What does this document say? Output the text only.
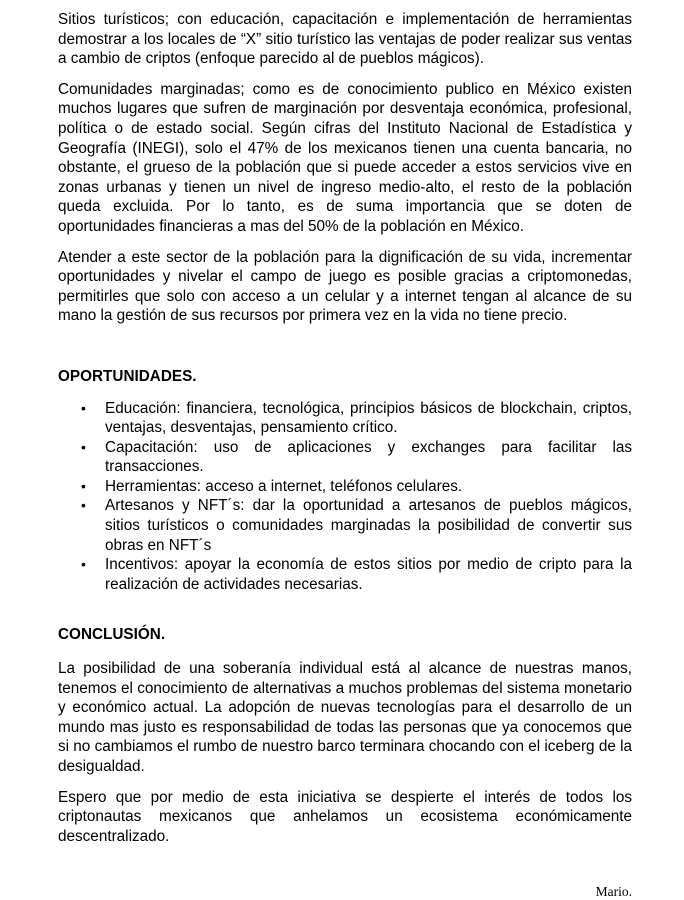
Sitios turísticos; con educación, capacitación e implementación de herramientas demostrar a los locales de “X” sitio turístico las ventajas de poder realizar sus ventas a cambio de criptos (enfoque parecido al de pueblos mágicos).

Comunidades marginadas; como es de conocimiento publico en México existen muchos lugares que sufren de marginación por desventaja económica, profesional, política o de estado social. Según cifras del Instituto Nacional de Estadística y Geografía (INEGI), solo el 47% de los mexicanos tienen una cuenta bancaria, no obstante, el grueso de la población que si puede acceder a estos servicios vive en zonas urbanas y tienen un nivel de ingreso medio-alto, el resto de la población queda excluida. Por lo tanto, es de suma importancia que se doten de oportunidades financieras a mas del 50% de la población en México.

Atender a este sector de la población para la dignificación de su vida, incrementar oportunidades y nivelar el campo de juego es posible gracias a criptomonedas, permitirles que solo con acceso a un celular y a internet tengan al alcance de su mano la gestión de sus recursos por primera vez en la vida no tiene precio.

OPORTUNIDADES.
• Educación: financiera, tecnológica, principios básicos de blockchain, criptos, ventajas, desventajas, pensamiento crítico.
• Capacitación: uso de aplicaciones y exchanges para facilitar las transacciones.
• Herramientas: acceso a internet, teléfonos celulares.
• Artesanos y NFT´s: dar la oportunidad a artesanos de pueblos mágicos, sitios turísticos o comunidades marginadas la posibilidad de convertir sus obras en NFT´s
• Incentivos: apoyar la economía de estos sitios por medio de cripto para la realización de actividades necesarias.
CONCLUSIÓN.

La posibilidad de una soberanía individual está al alcance de nuestras manos, tenemos el conocimiento de alternativas a muchos problemas del sistema monetario y económico actual. La adopción de nuevas tecnologías para el desarrollo de un mundo mas justo es responsabilidad de todas las personas que ya conocemos que si no cambiamos el rumbo de nuestro barco terminara chocando con el iceberg de la desigualdad.

Espero que por medio de esta iniciativa se despierte el interés de todos los criptonautas mexicanos que anhelamos un ecosistema económicamente descentralizado.

Mario.
